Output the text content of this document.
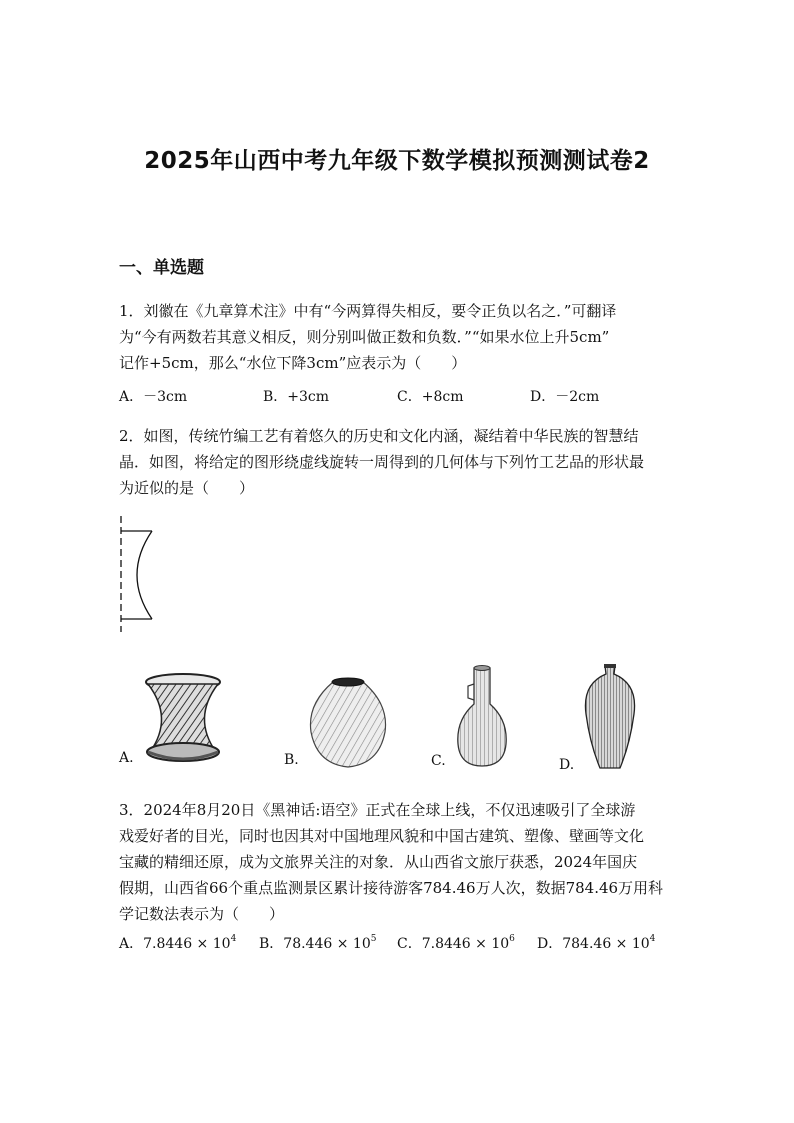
2025年山西中考九年级下数学模拟预测测试卷2
一、单选题
1．刘徽在《九章算术注》中有“今两算得失相反，要令正负以名之．”可翻译
为“今有两数若其意义相反，则分别叫做正数和负数．”“如果水位上升5cm”
记作+5cm，那么“水位下降3cm”应表示为（　　）
A．－3cm	B．+3cm	C．+8cm	D．－2cm
2．如图，传统竹编工艺有着悠久的历史和文化内涵，凝结着中华民族的智慧结
晶．如图，将给定的图形绕虚线旋转一周得到的几何体与下列竹工艺品的形状最
为近似的是（　　）
A.	B.	C.	D.
3．2024年8月20日《黑神话:语空》正式在全球上线，不仅迅速吸引了全球游
戏爱好者的目光，同时也因其对中国地理风貌和中国古建筑、塑像、壁画等文化
宝藏的精细还原，成为文旅界关注的对象．从山西省文旅厅获悉，2024年国庆
假期，山西省66个重点监测景区累计接待游客784.46万人次，数据784.46万用科
学记数法表示为（　　）
A．$7.8446 \times 10^4$ B．$78.446 \times 10^5$ C．$7.8446 \times 10^6$ D．$784.46 \times 10^4$
